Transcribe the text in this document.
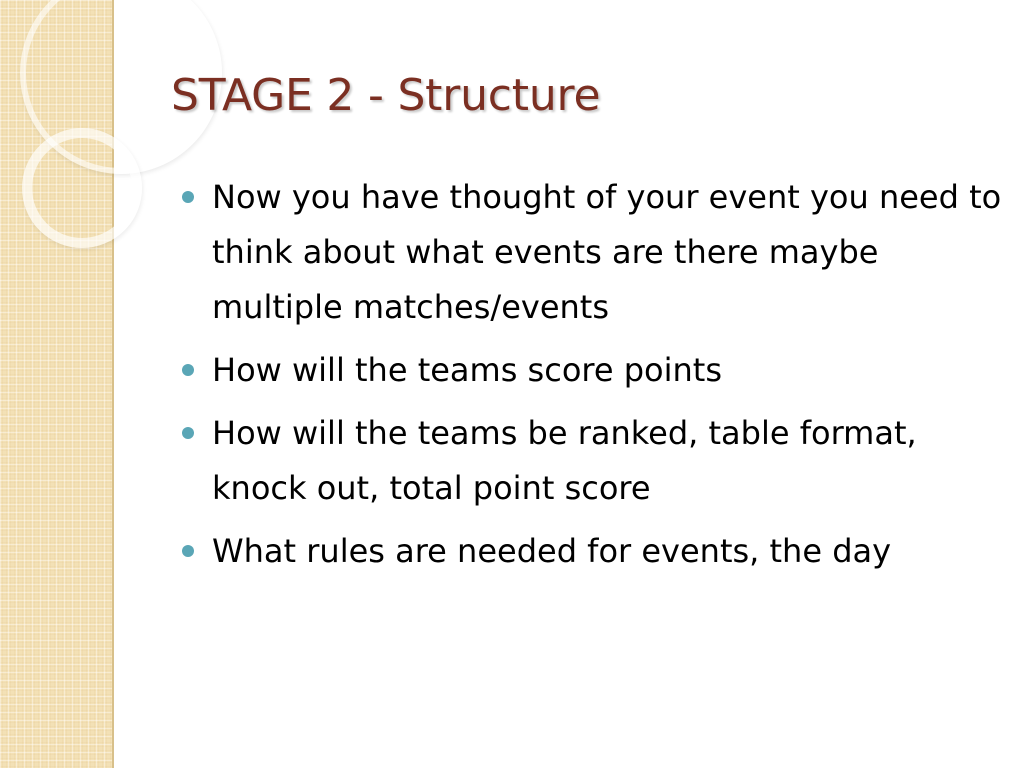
STAGE 2 - Structure
Now you have thought of your event you need to think about what events are there maybe multiple matches/events
How will the teams score points
How will the teams be ranked, table format, knock out, total point score
What rules are needed for events, the day
